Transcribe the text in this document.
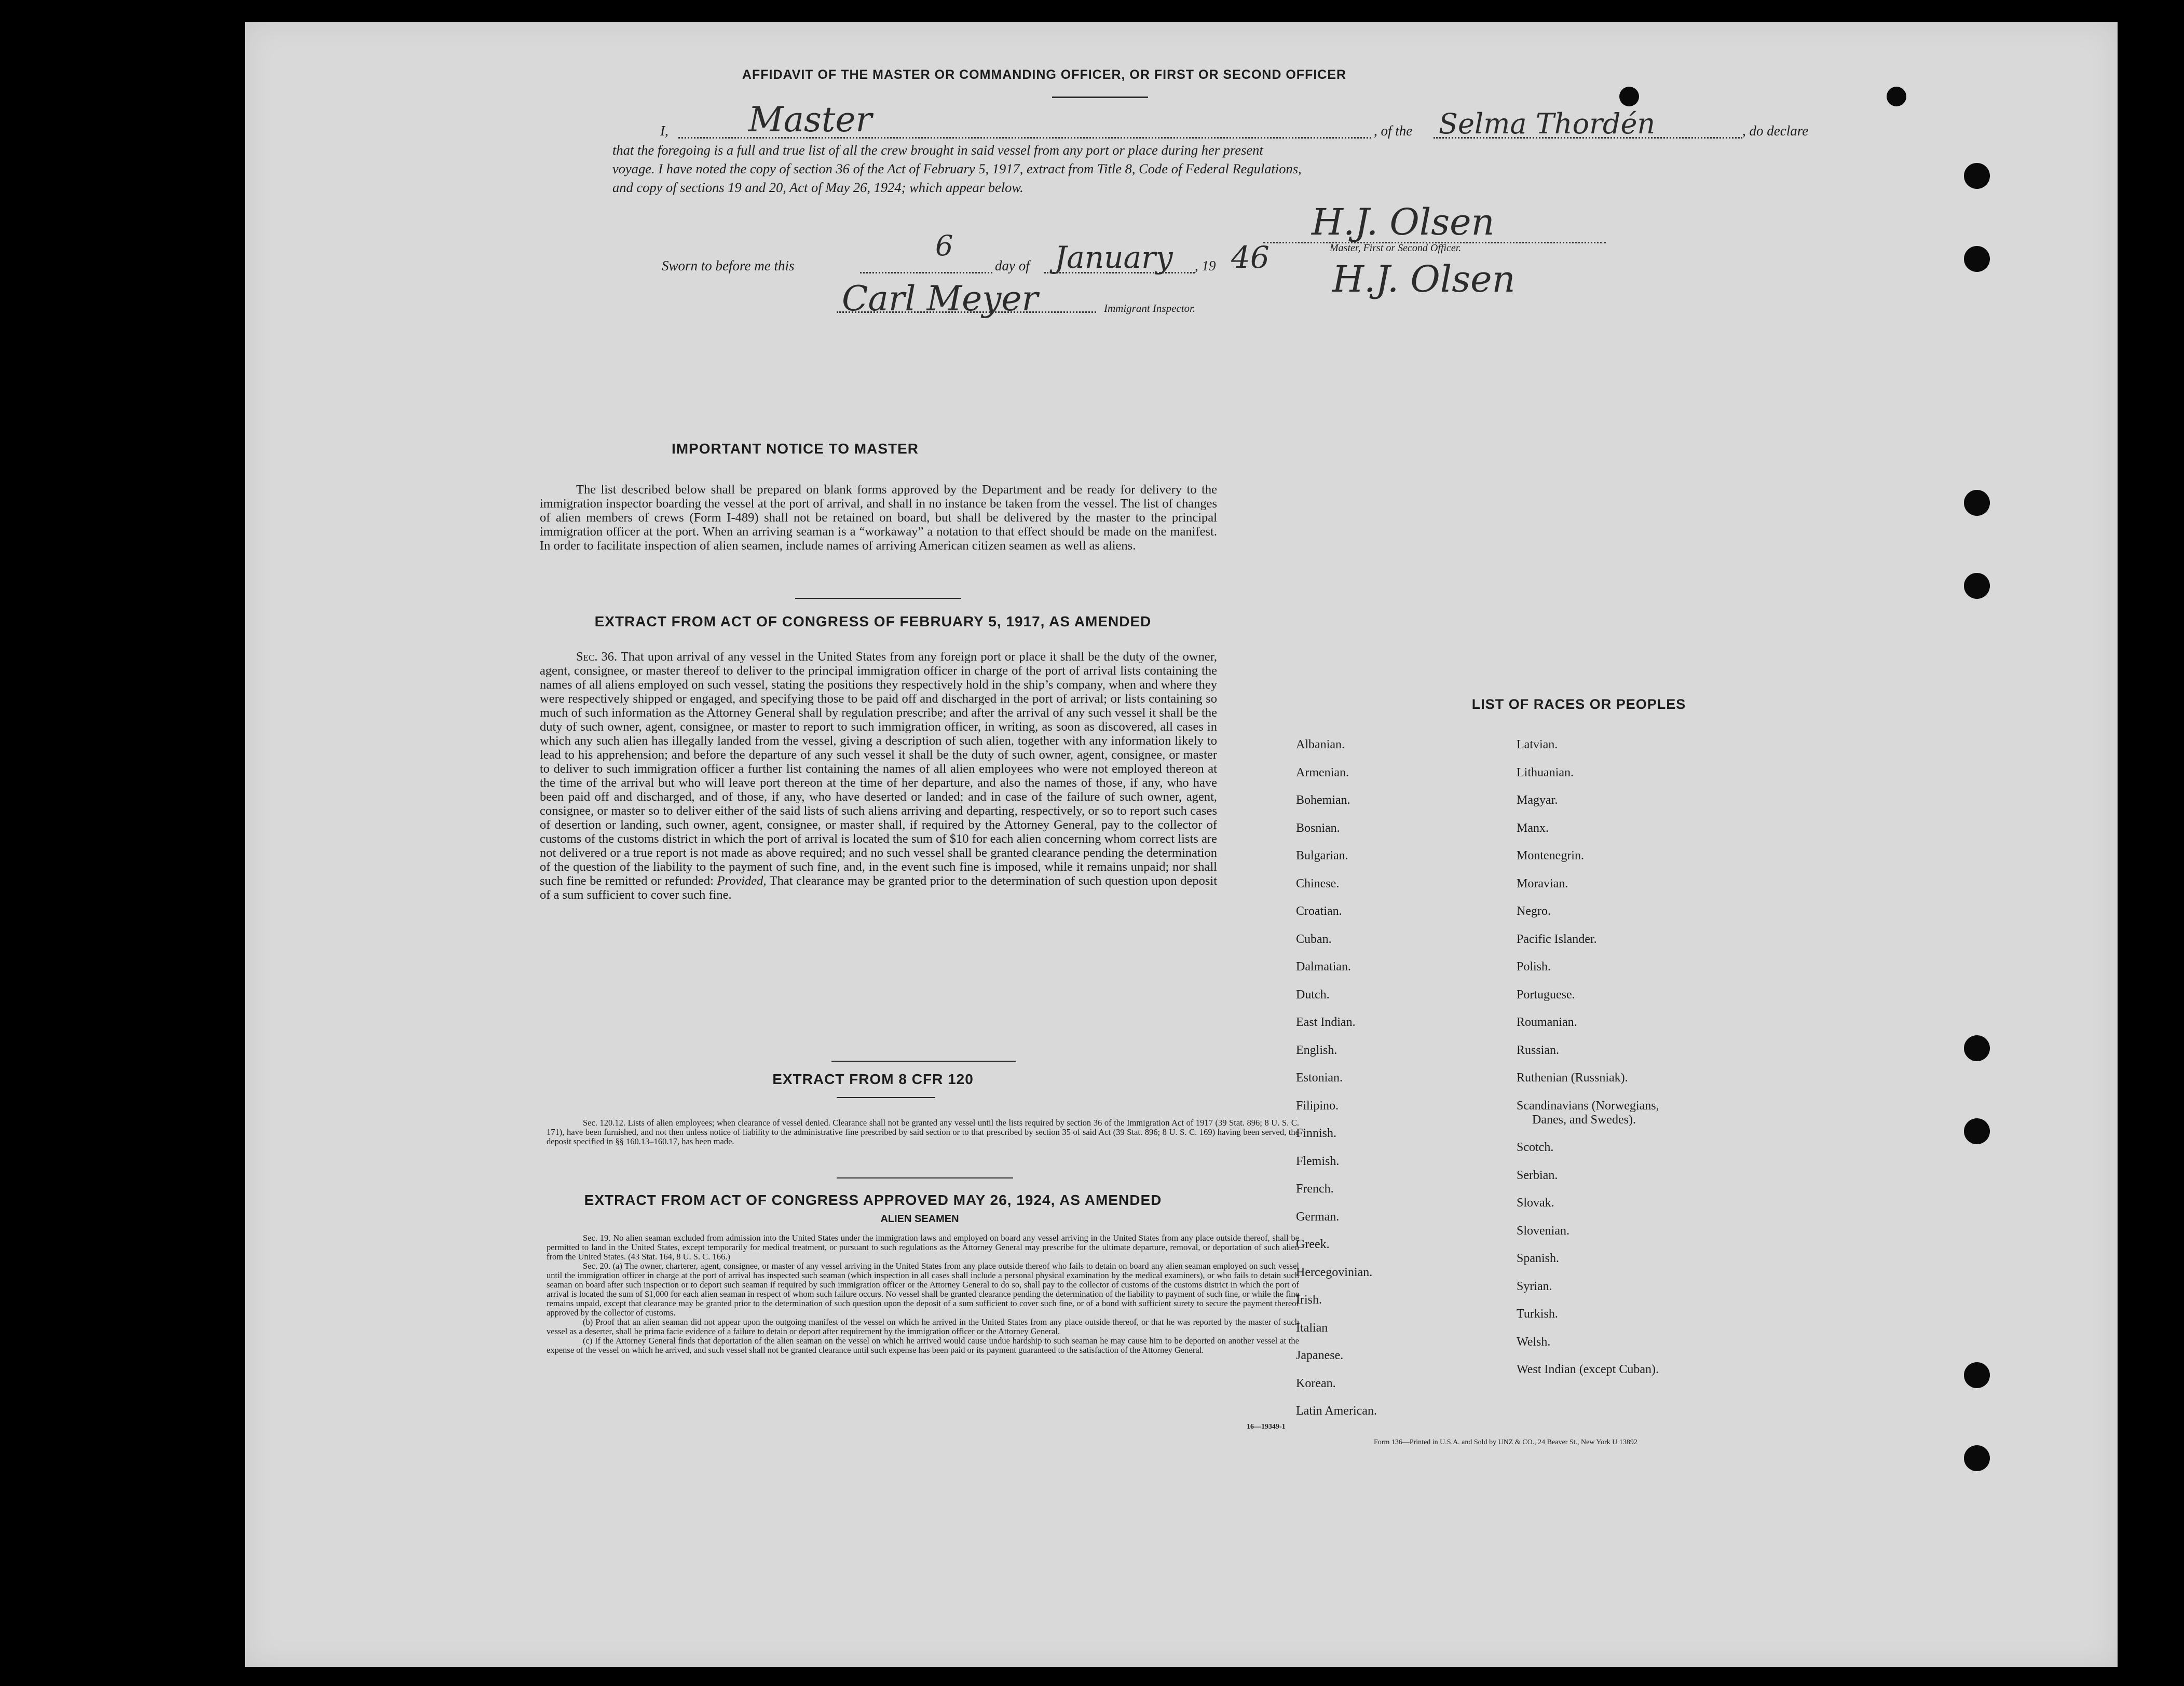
AFFIDAVIT OF THE MASTER OR COMMANDING OFFICER, OR FIRST OR SECOND OFFICER
I, Master	, of the Selma Thordén	, do declare
that the foregoing is a full and true list of all the crew brought in said vessel from any port or place during her present
voyage. I have noted the copy of section 36 of the Act of February 5, 1917, extract from Title 8, Code of Federal Regulations,
and copy of sections 19 and 20, Act of May 26, 1924; which appear below.
Sworn to before me this
6
day of January , 19 46
H.J. Olsen
Master, First or Second Officer.
H.J. Olsen
Carl Meyer	Immigrant Inspector.
IMPORTANT NOTICE TO MASTER
The list described below shall be prepared on blank forms approved by the Department and be ready for delivery to the immigration inspector boarding the vessel at the port of arrival, and shall in no instance be taken from the vessel. The list of changes of alien members of crews (Form I-489) shall not be retained on board, but shall be delivered by the master to the principal immigration officer at the port. When an arriving seaman is a “workaway” a notation to that effect should be made on the manifest. In order to facilitate inspection of alien seamen, include names of arriving American citizen seamen as well as aliens.
EXTRACT FROM ACT OF CONGRESS OF FEBRUARY 5, 1917, AS AMENDED
Sec. 36. That upon arrival of any vessel in the United States from any foreign port or place it shall be the duty of the owner, agent, consignee, or master thereof to deliver to the principal immigration officer in charge of the port of arrival lists containing the names of all aliens employed on such vessel, stating the positions they respectively hold in the ship’s company, when and where they were respectively shipped or engaged, and specifying those to be paid off and discharged in the port of arrival; or lists containing so much of such information as the Attorney General shall by regulation prescribe; and after the arrival of any such vessel it shall be the duty of such owner, agent, consignee, or master to report to such immigration officer, in writing, as soon as discovered, all cases in which any such alien has illegally landed from the vessel, giving a description of such alien, together with any information likely to lead to his apprehension; and before the departure of any such vessel it shall be the duty of such owner, agent, consignee, or master to deliver to such immigration officer a further list containing the names of all alien employees who were not employed thereon at the time of the arrival but who will leave port thereon at the time of her departure, and also the names of those, if any, who have been paid off and discharged, and of those, if any, who have deserted or landed; and in case of the failure of such owner, agent, consignee, or master so to deliver either of the said lists of such aliens arriving and departing, respectively, or so to report such cases of desertion or landing, such owner, agent, consignee, or master shall, if required by the Attorney General, pay to the collector of customs of the customs district in which the port of arrival is located the sum of $10 for each alien concerning whom correct lists are not delivered or a true report is not made as above required; and no such vessel shall be granted clearance pending the determination of the question of the liability to the payment of such fine, and, in the event such fine is imposed, while it remains unpaid; nor shall such fine be remitted or refunded: Provided, That clearance may be granted prior to the determination of such question upon deposit of a sum sufficient to cover such fine.
EXTRACT FROM 8 CFR 120
Sec. 120.12. Lists of alien employees; when clearance of vessel denied. Clearance shall not be granted any vessel until the lists required by section 36 of the Immigration Act of 1917 (39 Stat. 896; 8 U. S. C. 171), have been furnished, and not then unless notice of liability to the administrative fine prescribed by said section or to that prescribed by section 35 of said Act (39 Stat. 896; 8 U. S. C. 169) having been served, the deposit specified in §§ 160.13–160.17, has been made.
EXTRACT FROM ACT OF CONGRESS APPROVED MAY 26, 1924, AS AMENDED
ALIEN SEAMEN
Sec. 19. No alien seaman excluded from admission into the United States under the immigration laws and employed on board any vessel arriving in the United States from any place outside thereof, shall be permitted to land in the United States, except temporarily for medical treatment, or pursuant to such regulations as the Attorney General may prescribe for the ultimate departure, removal, or deportation of such alien from the United States. (43 Stat. 164, 8 U. S. C. 166.)
Sec. 20. (a) The owner, charterer, agent, consignee, or master of any vessel arriving in the United States from any place outside thereof who fails to detain on board any alien seaman employed on such vessel until the immigration officer in charge at the port of arrival has inspected such seaman (which inspection in all cases shall include a personal physical examination by the medical examiners), or who fails to detain such seaman on board after such inspection or to deport such seaman if required by such immigration officer or the Attorney General to do so, shall pay to the collector of customs of the customs district in which the port of arrival is located the sum of $1,000 for each alien seaman in respect of whom such failure occurs. No vessel shall be granted clearance pending the determination of the liability to payment of such fine, or while the fine remains unpaid, except that clearance may be granted prior to the determination of such question upon the deposit of a sum sufficient to cover such fine, or of a bond with sufficient surety to secure the payment thereof approved by the collector of customs.
(b) Proof that an alien seaman did not appear upon the outgoing manifest of the vessel on which he arrived in the United States from any place outside thereof, or that he was reported by the master of such vessel as a deserter, shall be prima facie evidence of a failure to detain or deport after requirement by the immigration officer or the Attorney General.
(c) If the Attorney General finds that deportation of the alien seaman on the vessel on which he arrived would cause undue hardship to such seaman he may cause him to be deported on another vessel at the expense of the vessel on which he arrived, and such vessel shall not be granted clearance until such expense has been paid or its payment guaranteed to the satisfaction of the Attorney General.
16—19349-1
LIST OF RACES OR PEOPLES
Albanian.
Armenian.
Bohemian.
Bosnian.
Bulgarian.
Chinese.
Croatian.
Cuban.
Dalmatian.
Dutch.
East Indian.
English.
Estonian.
Filipino.
Finnish.
Flemish.
French.
German.
Greek.
Hercegovinian.
Irish.
Italian
Japanese.
Korean.
Latin American.
Latvian.
Lithuanian.
Magyar.
Manx.
Montenegrin.
Moravian.
Negro.
Pacific Islander.
Polish.
Portuguese.
Roumanian.
Russian.
Ruthenian (Russniak).
Scandinavians (Norwegians,
Danes, and Swedes).
Scotch.
Serbian.
Slovak.
Slovenian.
Spanish.
Syrian.
Turkish.
Welsh.
West Indian (except Cuban).
Form 136—Printed in U.S.A. and Sold by UNZ & CO., 24 Beaver St., New York U 13892
